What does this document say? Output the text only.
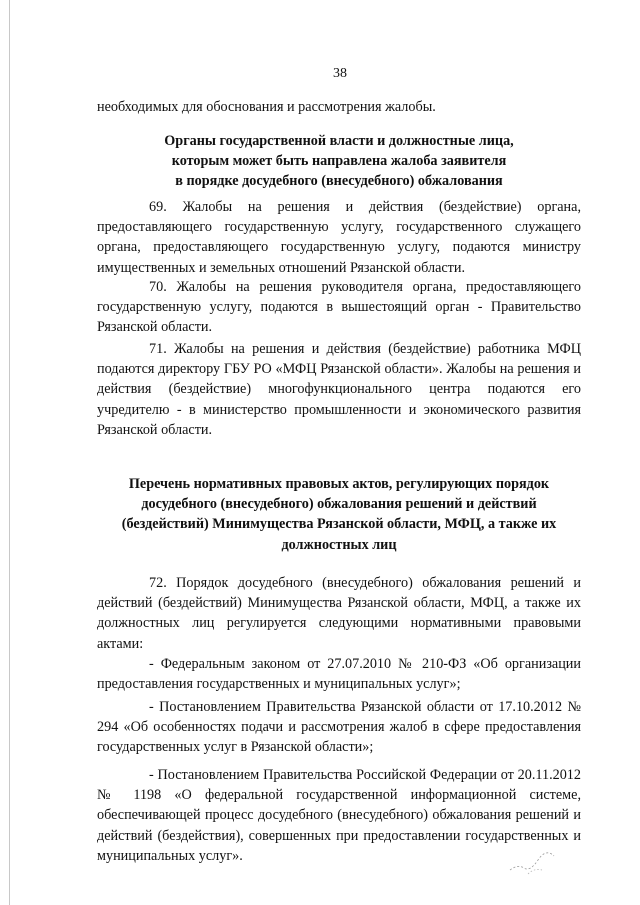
38
необходимых для обоснования и рассмотрения жалобы.
Органы государственной власти и должностные лица,
которым может быть направлена жалоба заявителя
в порядке досудебного (внесудебного) обжалования
69. Жалобы на решения и действия (бездействие) органа, предоставляющего государственную услугу, государственного служащего органа, предоставляющего государственную услугу, подаются министру имущественных и земельных отношений Рязанской области.
70. Жалобы на решения руководителя органа, предоставляющего государственную услугу, подаются в вышестоящий орган - Правительство Рязанской области.
71. Жалобы на решения и действия (бездействие) работника МФЦ подаются директору ГБУ РО «МФЦ Рязанской области». Жалобы на решения и действия (бездействие) многофункционального центра подаются его учредителю - в министерство промышленности и экономического развития Рязанской области.
Перечень нормативных правовых актов, регулирующих порядок
досудебного (внесудебного) обжалования решений и действий
(бездействий) Минимущества Рязанской области, МФЦ, а также их
должностных лиц
72. Порядок досудебного (внесудебного) обжалования решений и действий (бездействий) Минимущества Рязанской области, МФЦ, а также их должностных лиц регулируется следующими нормативными правовыми актами:
- Федеральным законом от 27.07.2010 № 210-ФЗ «Об организации предоставления государственных и муниципальных услуг»;
- Постановлением Правительства Рязанской области от 17.10.2012 № 294 «Об особенностях подачи и рассмотрения жалоб в сфере предоставления государственных услуг в Рязанской области»;
- Постановлением Правительства Российской Федерации от 20.11.2012 № 1198 «О федеральной государственной информационной системе, обеспечивающей процесс досудебного (внесудебного) обжалования решений и действий (бездействия), совершенных при предоставлении государственных и муниципальных услуг».
